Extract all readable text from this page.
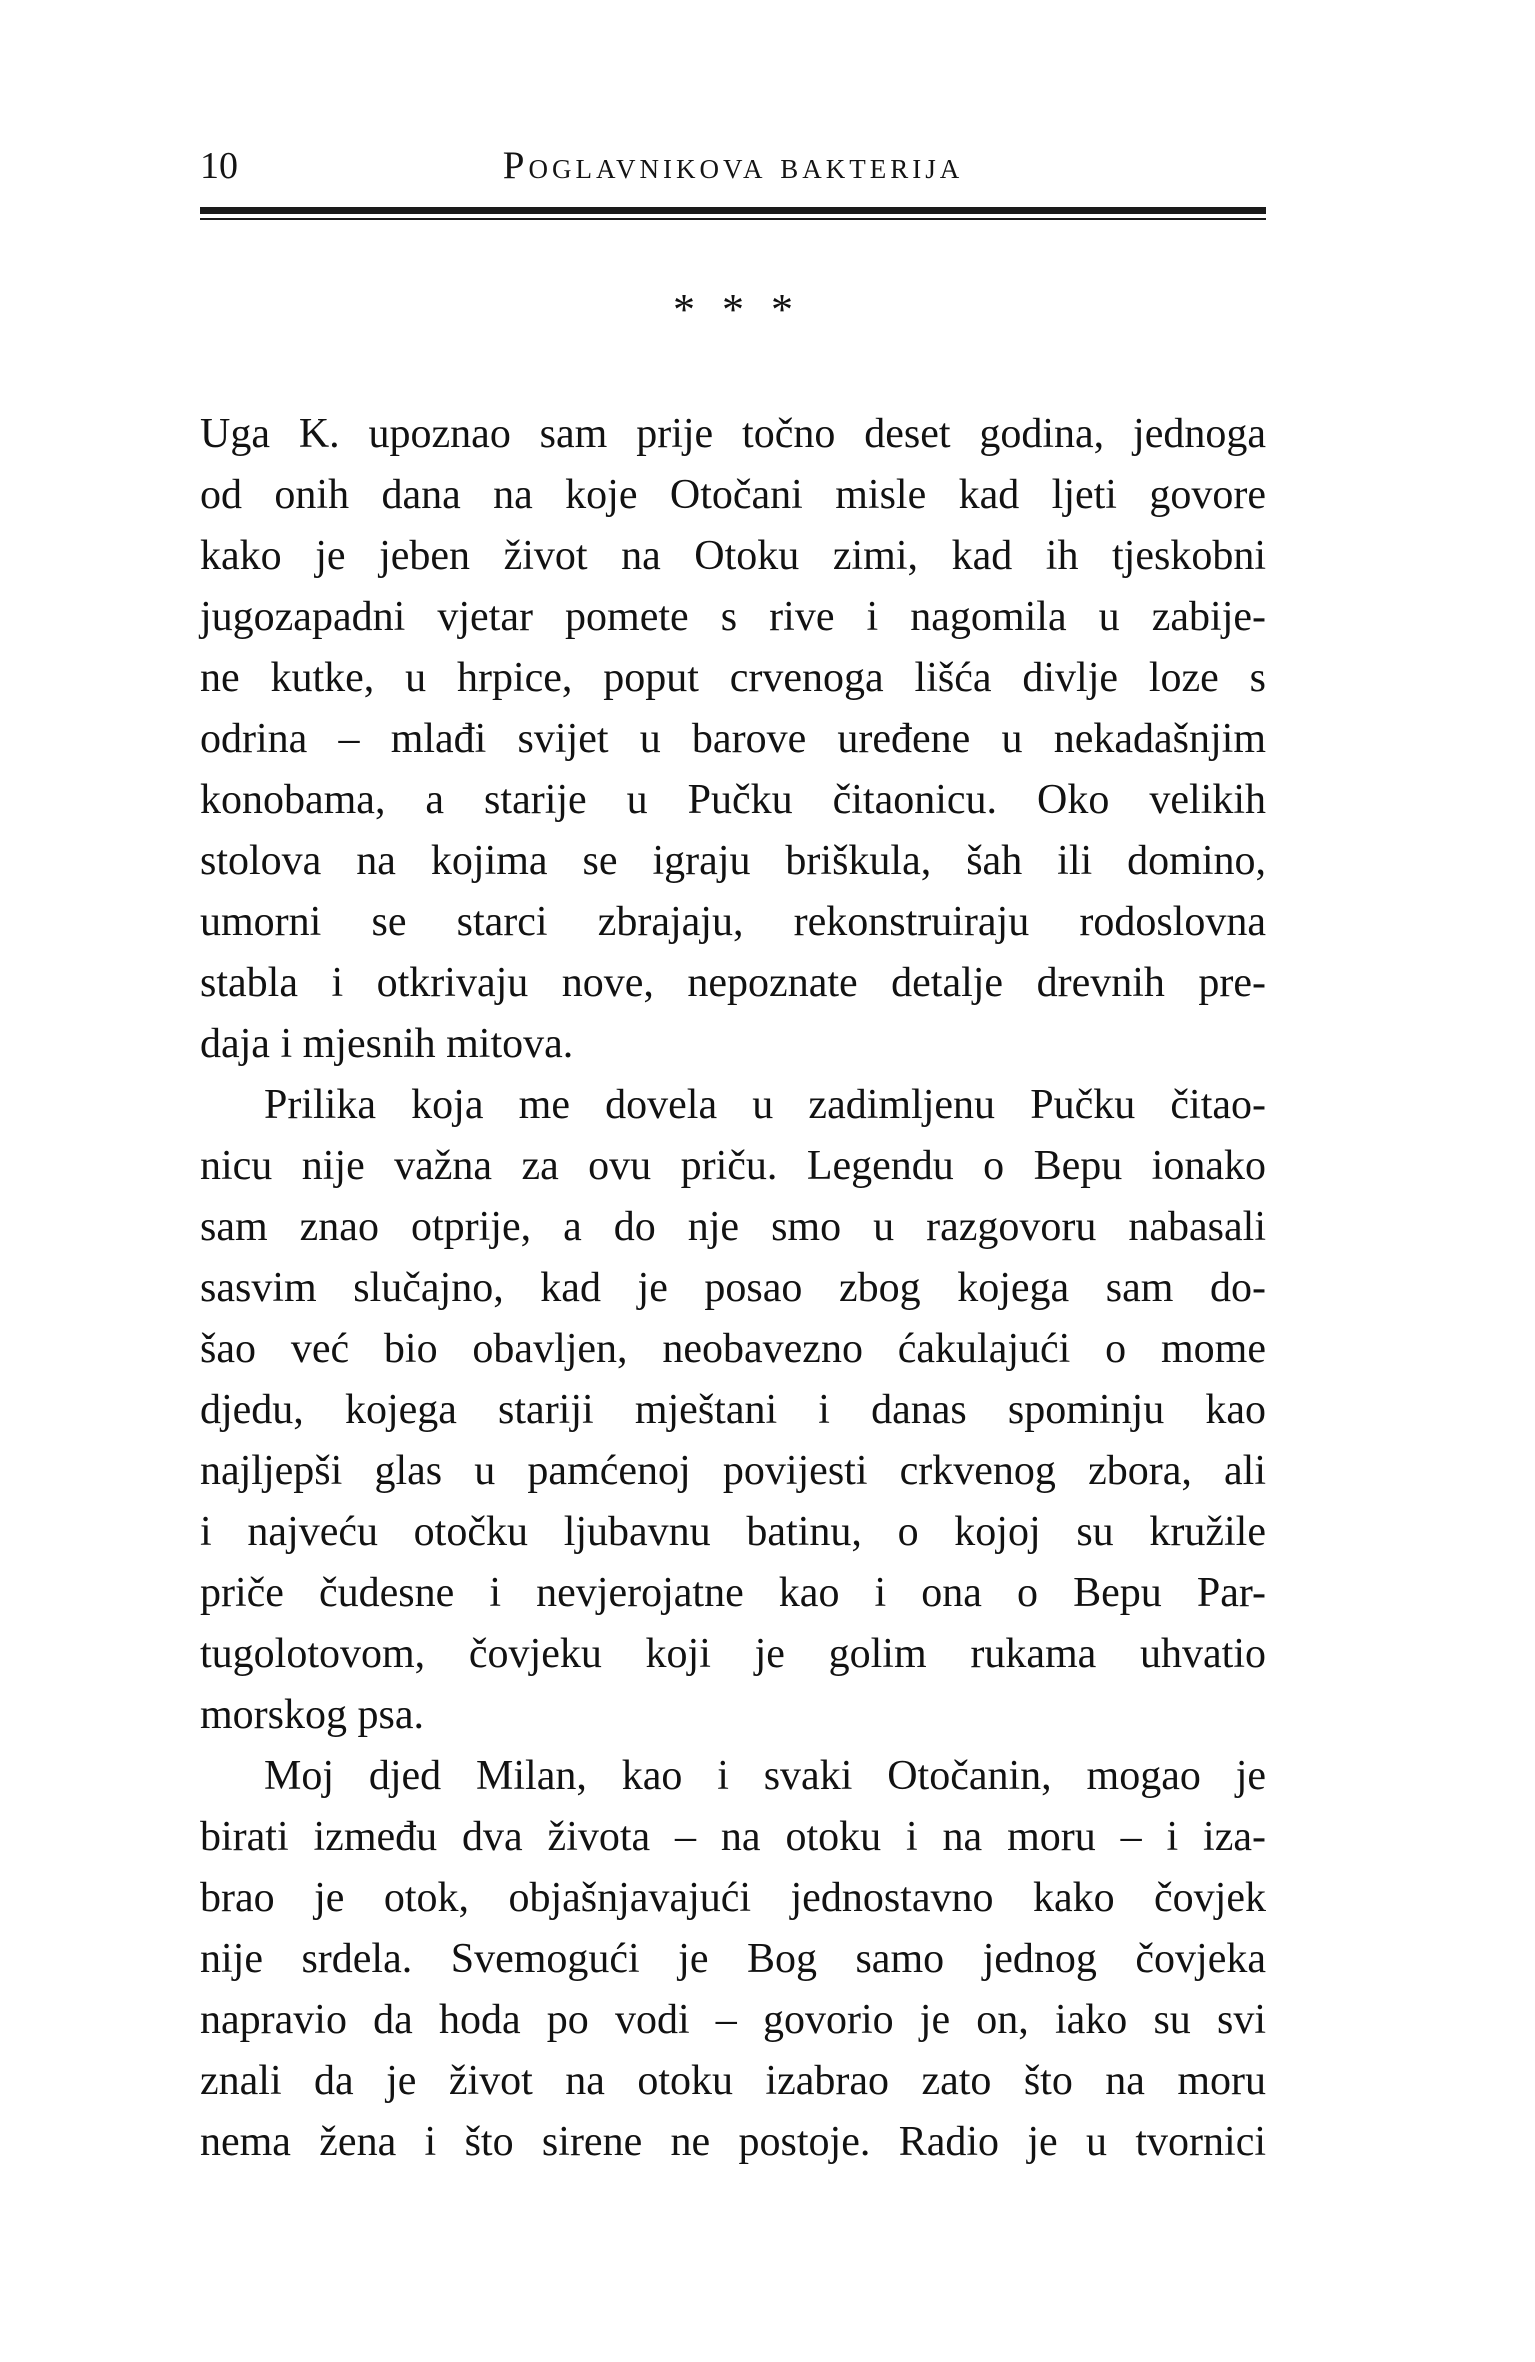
10	Poglavnikova bakterija
* * *

Uga K. upoznao sam prije točno deset godina, jednoga
od onih dana na koje Otočani misle kad ljeti govore
kako je jeben život na Otoku zimi, kad ih tjeskobni
jugozapadni vjetar pomete s rive i nagomila u zabije-
ne kutke, u hrpice, poput crvenoga lišća divlje loze s
odrina – mlađi svijet u barove uređene u nekadašnjim
konobama, a starije u Pučku čitaonicu. Oko velikih
stolova na kojima se igraju briškula, šah ili domino,
umorni se starci zbrajaju, rekonstruiraju rodoslovna
stabla i otkrivaju nove, nepoznate detalje drevnih pre-
daja i mjesnih mitova.

Prilika koja me dovela u zadimljenu Pučku čitao-
nicu nije važna za ovu priču. Legendu o Bepu ionako
sam znao otprije, a do nje smo u razgovoru nabasali
sasvim slučajno, kad je posao zbog kojega sam do-
šao već bio obavljen, neobavezno ćakulajući o mome
djedu, kojega stariji mještani i danas spominju kao
najljepši glas u pamćenoj povijesti crkvenog zbora, ali
i najveću otočku ljubavnu batinu, o kojoj su kružile
priče čudesne i nevjerojatne kao i ona o Bepu Par-
tugolotovom, čovjeku koji je golim rukama uhvatio
morskog psa.

Moj djed Milan, kao i svaki Otočanin, mogao je
birati između dva života – na otoku i na moru – i iza-
brao je otok, objašnjavajući jednostavno kako čovjek
nije srdela. Svemogući je Bog samo jednog čovjeka
napravio da hoda po vodi – govorio je on, iako su svi
znali da je život na otoku izabrao zato što na moru
nema žena i što sirene ne postoje. Radio je u tvornici
